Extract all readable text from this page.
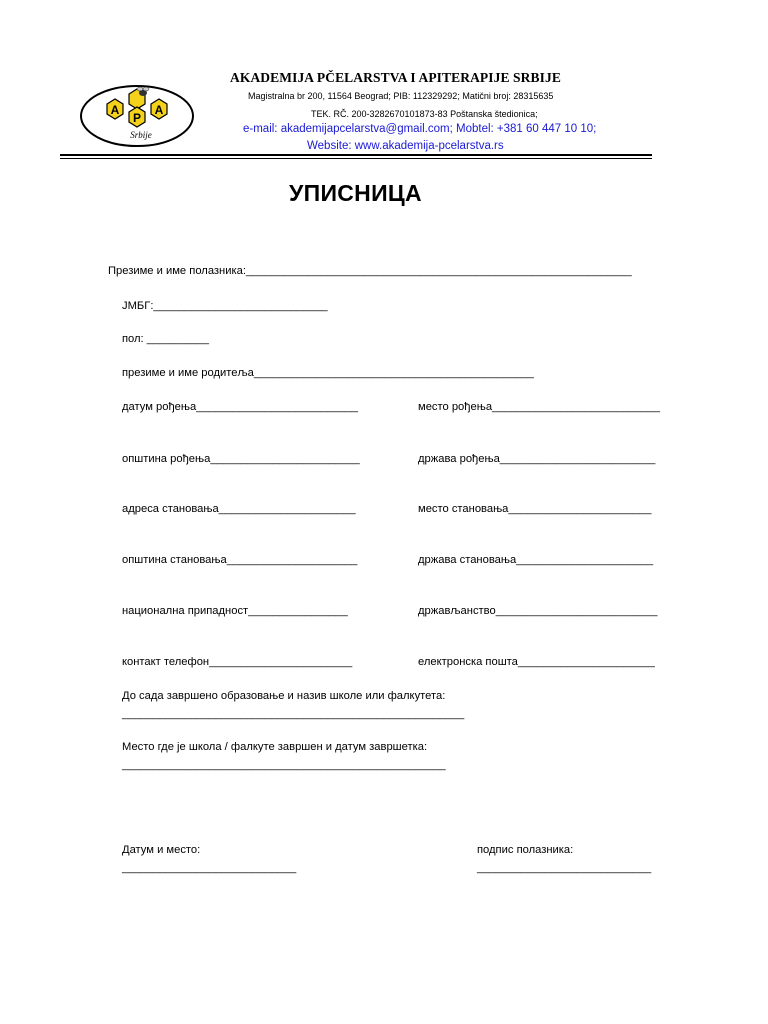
A
P
A
Srbije
AKADEMIJA PČELARSTVA I APITERAPIJE SRBIJE
Magistralna br 200, 11564 Beograd; PIB: 112329292; Matični broj: 28315635
TEK. RČ. 200-3282670101873-83 Poštanska štedionica;
e-mail: akademijapcelarstva@gmail.com; Mobtel: +381 60 447 10 10;
Website: www.akademija-pcelarstva.rs
УПИСНИЦА
Презиме и име полазника:______________________________________________________________
ЈМБГ:____________________________
пол: __________
презиме и име родитеља_____________________________________________
датум рођења__________________________	место рођења___________________________
општина рођења________________________	држава рођења_________________________
адреса становања______________________	место становања_______________________
општина становања_____________________	држава становања______________________
национална припадност________________	држављанство__________________________
контакт телефон_______________________	електронска пошта______________________
До сада завршено образовање и назив школе или фалкутета:
_______________________________________________________
Место где је школа / фалкуте завршен и датум завршетка:
____________________________________________________
Датум и место:
____________________________
подпис полазника:
____________________________
